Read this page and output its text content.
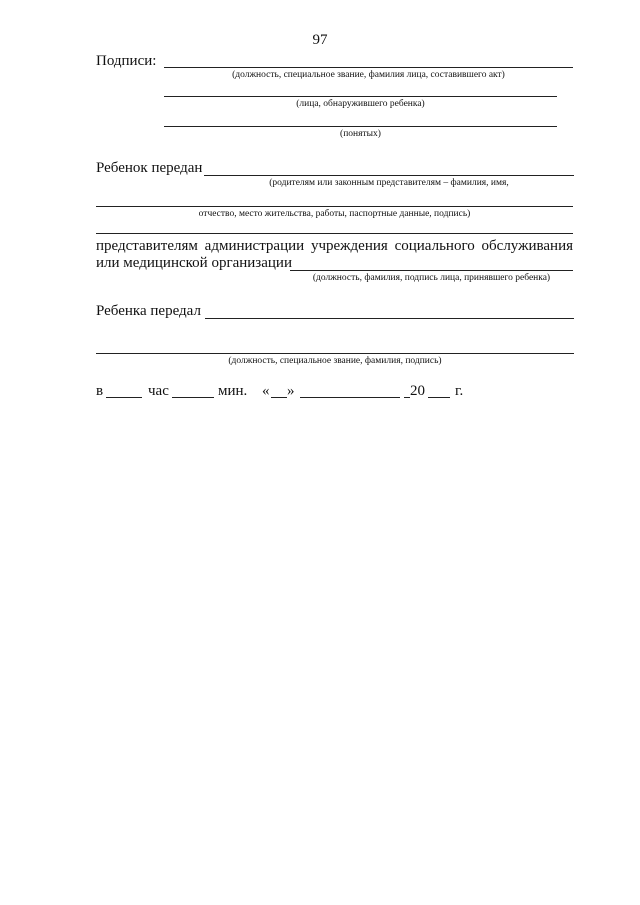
97
Подписи:
(должность, специальное звание, фамилия лица, составившего акт)
(лица, обнаружившего ребенка)
(понятых)
Ребенок передан
(родителям или законным представителям – фамилия, имя,
отчество, место жительства, работы, паспортные данные, подпись)
представителям администрации учреждения социального обслуживания
или медицинской организации
(должность, фамилия, подпись лица, принявшего ребенка)
Ребенка передал
(должность, специальное звание, фамилия, подпись)
в	час	мин. « »	20 г.
